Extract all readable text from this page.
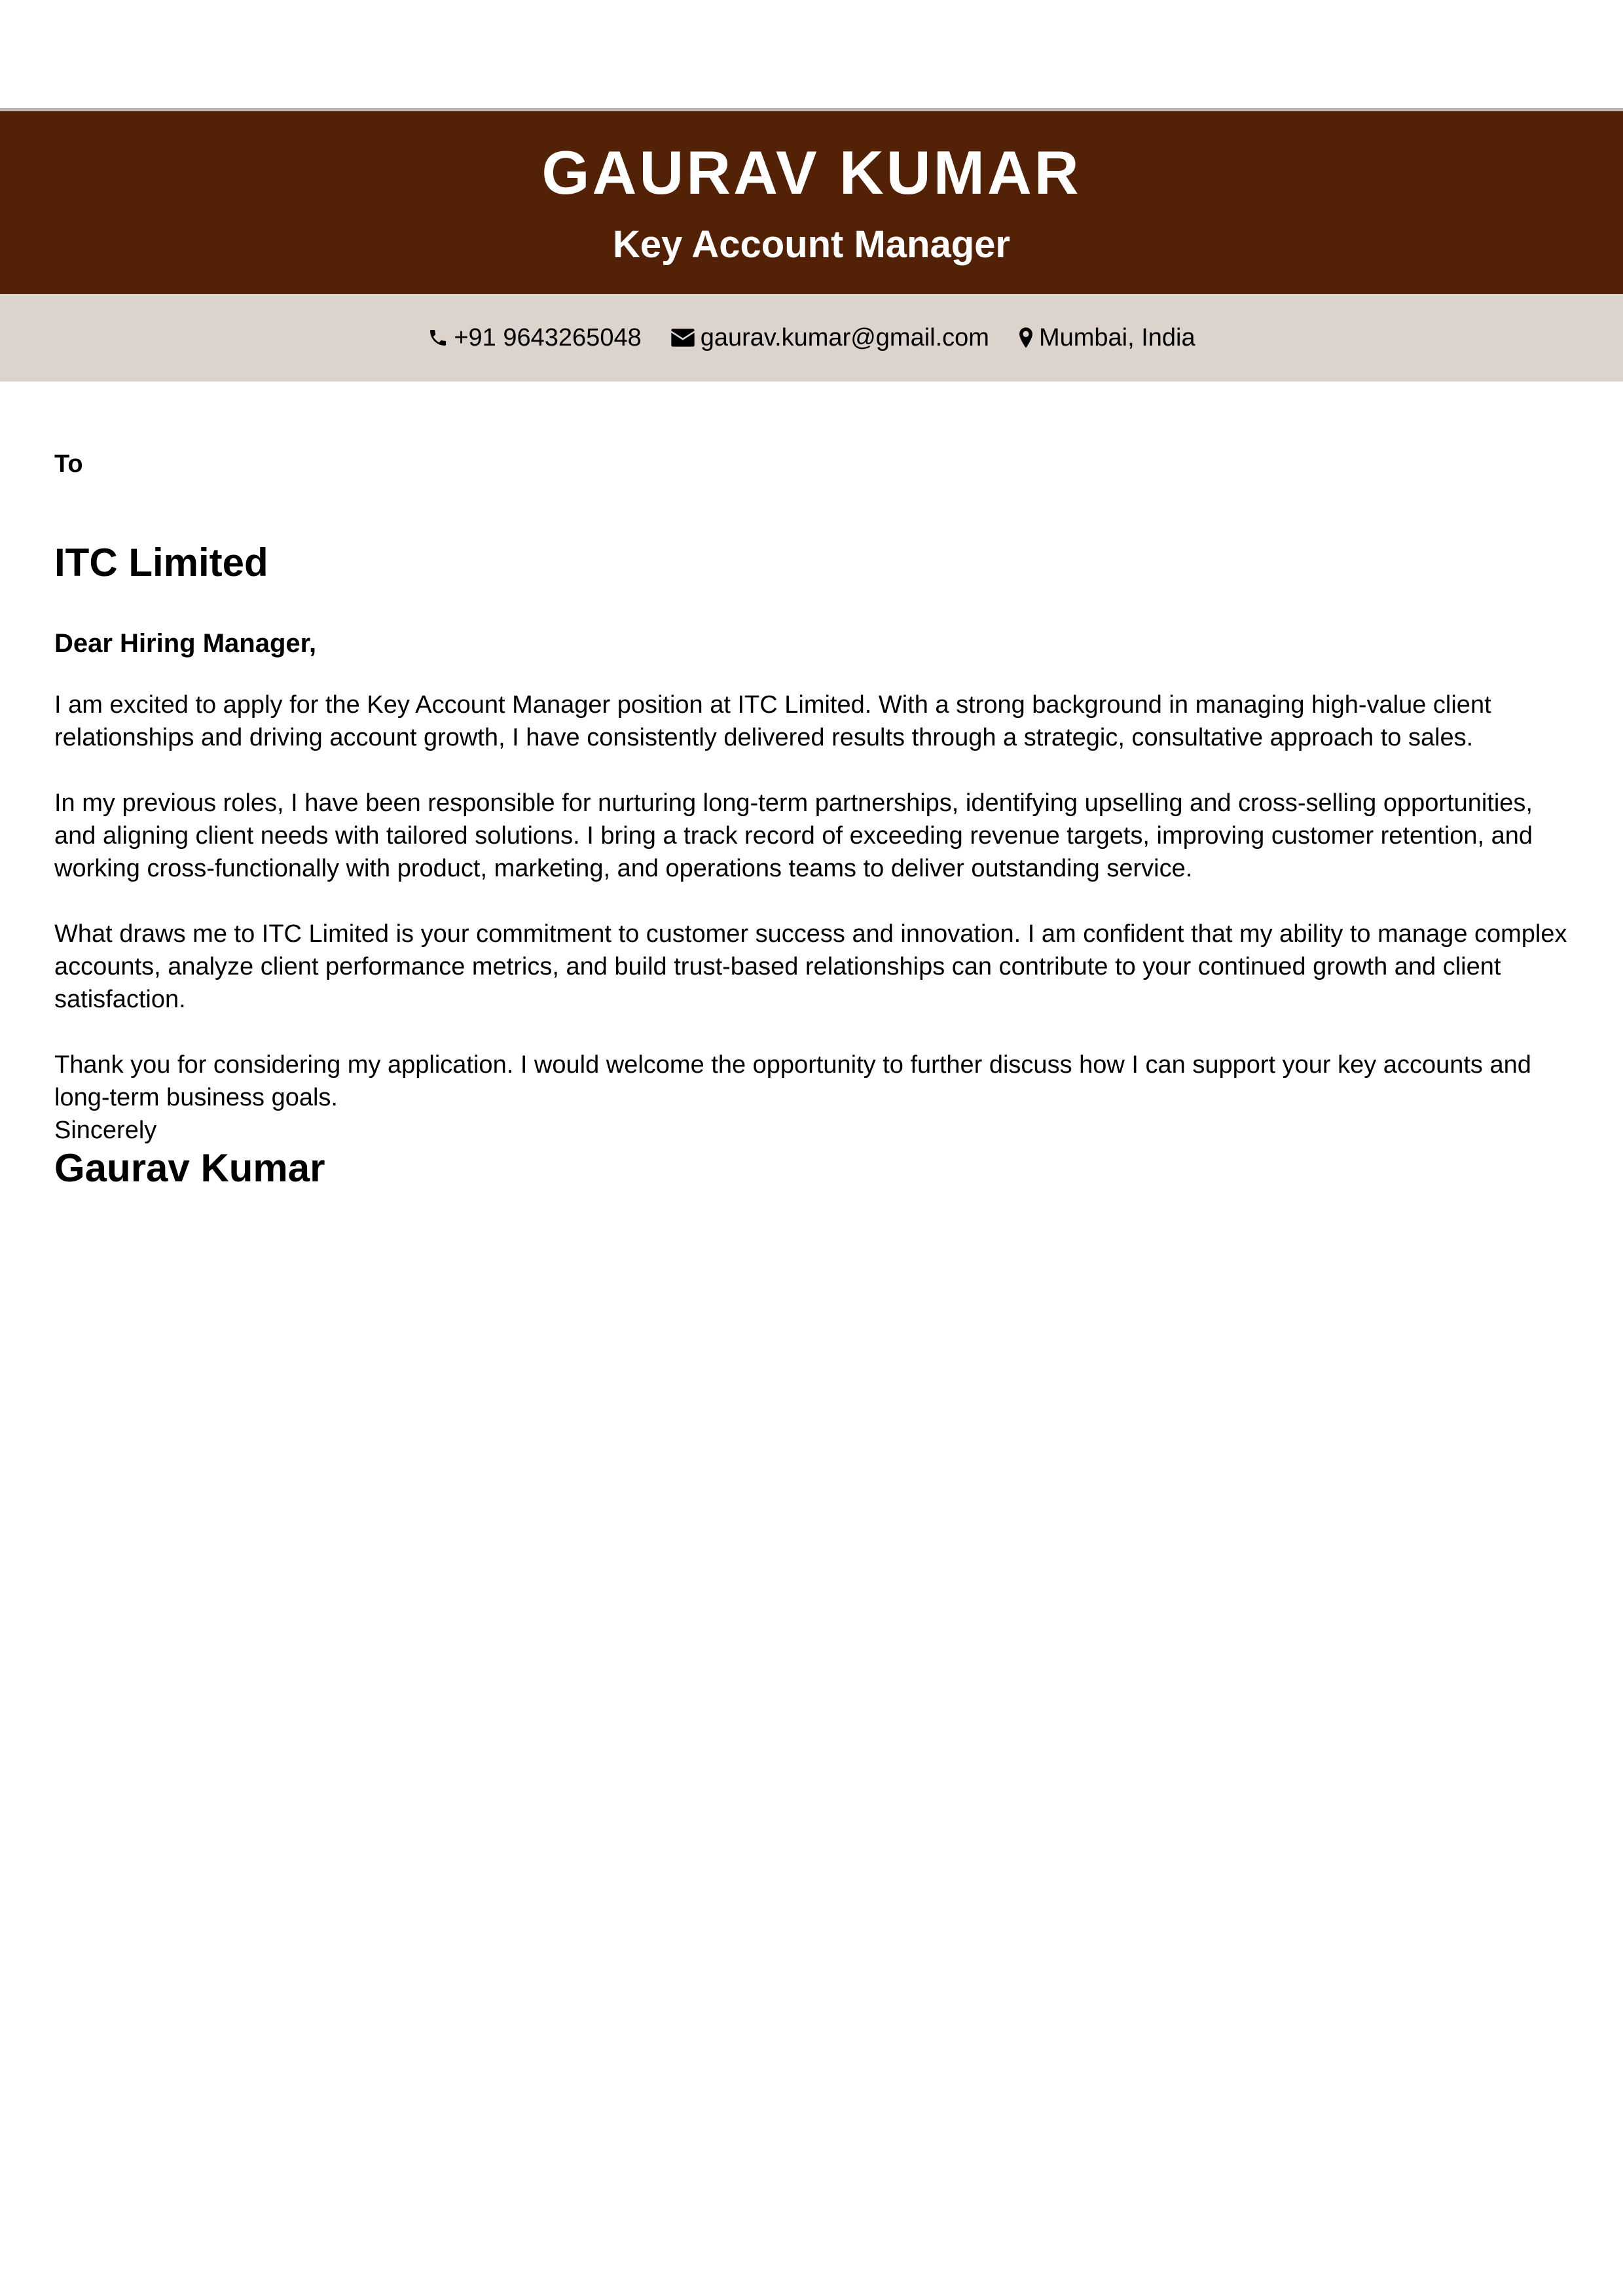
GAURAV KUMAR
Key Account Manager
+91 9643265048 gaurav.kumar@gmail.com Mumbai, India
To
ITC Limited
Dear Hiring Manager,

I am excited to apply for the Key Account Manager position at ITC Limited. With a strong background in managing high-value client relationships and driving account growth, I have consistently delivered results through a strategic, consultative approach to sales.

In my previous roles, I have been responsible for nurturing long-term partnerships, identifying upselling and cross-selling opportunities, and aligning client needs with tailored solutions. I bring a track record of exceeding revenue targets, improving customer retention, and working cross-functionally with product, marketing, and operations teams to deliver outstanding service.

What draws me to ITC Limited is your commitment to customer success and innovation. I am confident that my ability to manage complex accounts, analyze client performance metrics, and build trust-based relationships can contribute to your continued growth and client satisfaction.

Thank you for considering my application. I would welcome the opportunity to further discuss how I can support your key accounts and long-term business goals.

Sincerely
Gaurav Kumar
